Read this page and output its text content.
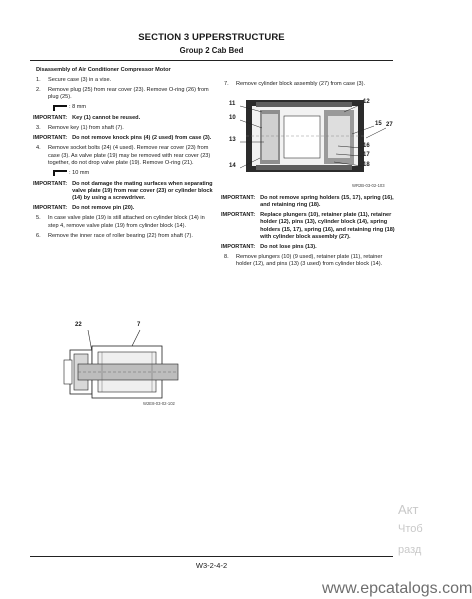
SECTION 3 UPPERSTRUCTURE
Group 2 Cab Bed
Disassembly of Air Conditioner Compressor Motor
1.	Secure case (3) in a vise.
2.	Remove plug (25) from rear cover (23). Remove O-ring (26) from plug (25).
: 8 mm
IMPORTANT: Key (1) cannot be reused.
3.	Remove key (1) from shaft (7).
IMPORTANT: Do not remove knock pins (4) (2 used) from case (3).
4.	Remove socket bolts (24) (4 used). Remove rear cover (23) from case (3). As valve plate (19) may be removed with rear cover (23) together, do not drop valve plate (19). Remove O-ring (21).
: 10 mm
IMPORTANT: Do not damage the mating surfaces when separating valve plate (19) from rear cover (23) or cylinder block (14) by using a screwdriver.
IMPORTANT: Do not remove pin (20).
5.	In case valve plate (19) is still attached on cylinder block (14) in step 4, remove valve plate (19) from cylinder block (14).
6.	Remove the inner race of roller bearing (22) from shaft (7).
22	7
W2E8-03-02-102
7.	Remove cylinder block assembly (27) from case (3).
11
10
13
14
12
15 27
16
17
18
WR2B-03-02-103
IMPORTANT: Do not remove spring holders (15, 17), spring (16), and retaining ring (18).
IMPORTANT: Replace plungers (10), retainer plate (11), retainer holder (12), pins (13), cylinder block (14), spring holders (15, 17), spring (16), and retaining ring (18) with cylinder block assembly (27).
IMPORTANT: Do not lose pins (13).
8.	Remove plungers (10) (9 used), retainer plate (11), retainer holder (12), and pins (13) (3 used) from cylinder block (14).
Акт
Чтоб
разд
W3-2-4-2
www.epcatalogs.com
